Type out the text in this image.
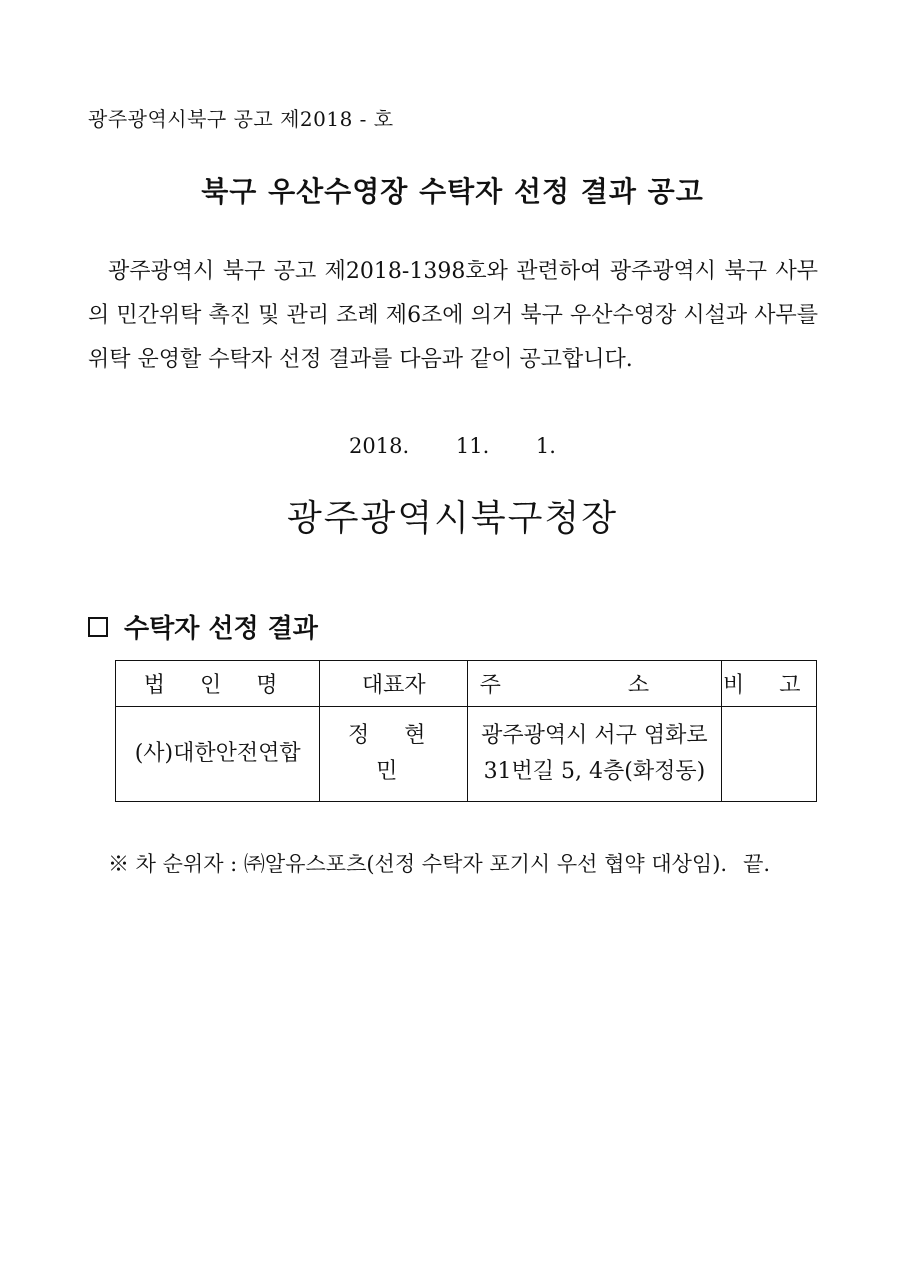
광주광역시북구 공고 제2018 - 호
북구 우산수영장 수탁자 선정 결과 공고
광주광역시 북구 공고 제2018-1398호와 관련하여 광주광역시 북구 사무의 민간위탁 촉진 및 관리 조례 제6조에 의거 북구 우산수영장 시설과 사무를 위탁 운영할 수탁자 선정 결과를 다음과 같이 공고합니다.
2018. 11. 1.
광주광역시북구청장
수탁자 선정 결과
법 인 명	대표자	주 소	비 고
(사)대한안전연합	정 현 민	광주광역시 서구 염화로
31번길 5, 4층(화정동)	

※ 차 순위자 : ㈜알유스포츠(선정 수탁자 포기시 우선 협약 대상임). 끝.
